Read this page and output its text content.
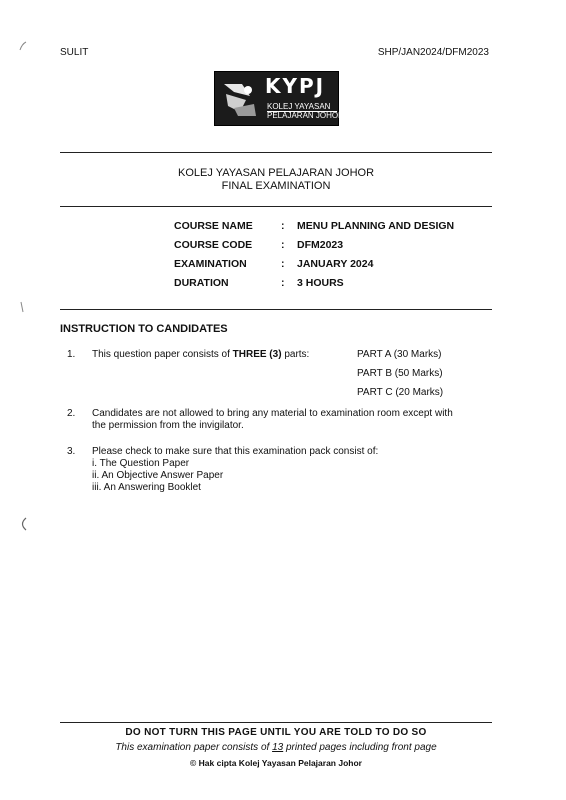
SULIT	SHP/JAN2024/DFM2023
KYPJ
KOLEJ YAYASAN
PELAJARAN JOHOR
KOLEJ YAYASAN PELAJARAN JOHOR
FINAL EXAMINATION
COURSE NAME	: MENU PLANNING AND DESIGN
COURSE CODE	: DFM2023
EXAMINATION	: JANUARY 2024
DURATION	: 3 HOURS
INSTRUCTION TO CANDIDATES
1. This question paper consists of THREE (3) parts:	PART A (30 Marks)
PART B (50 Marks)
PART C (20 Marks)
2. Candidates are not allowed to bring any material to examination room except with
the permission from the invigilator.
3. Please check to make sure that this examination pack consist of:
i. The Question Paper
ii. An Objective Answer Paper
iii. An Answering Booklet
DO NOT TURN THIS PAGE UNTIL YOU ARE TOLD TO DO SO
This examination paper consists of 13 printed pages including front page
© Hak cipta Kolej Yayasan Pelajaran Johor
